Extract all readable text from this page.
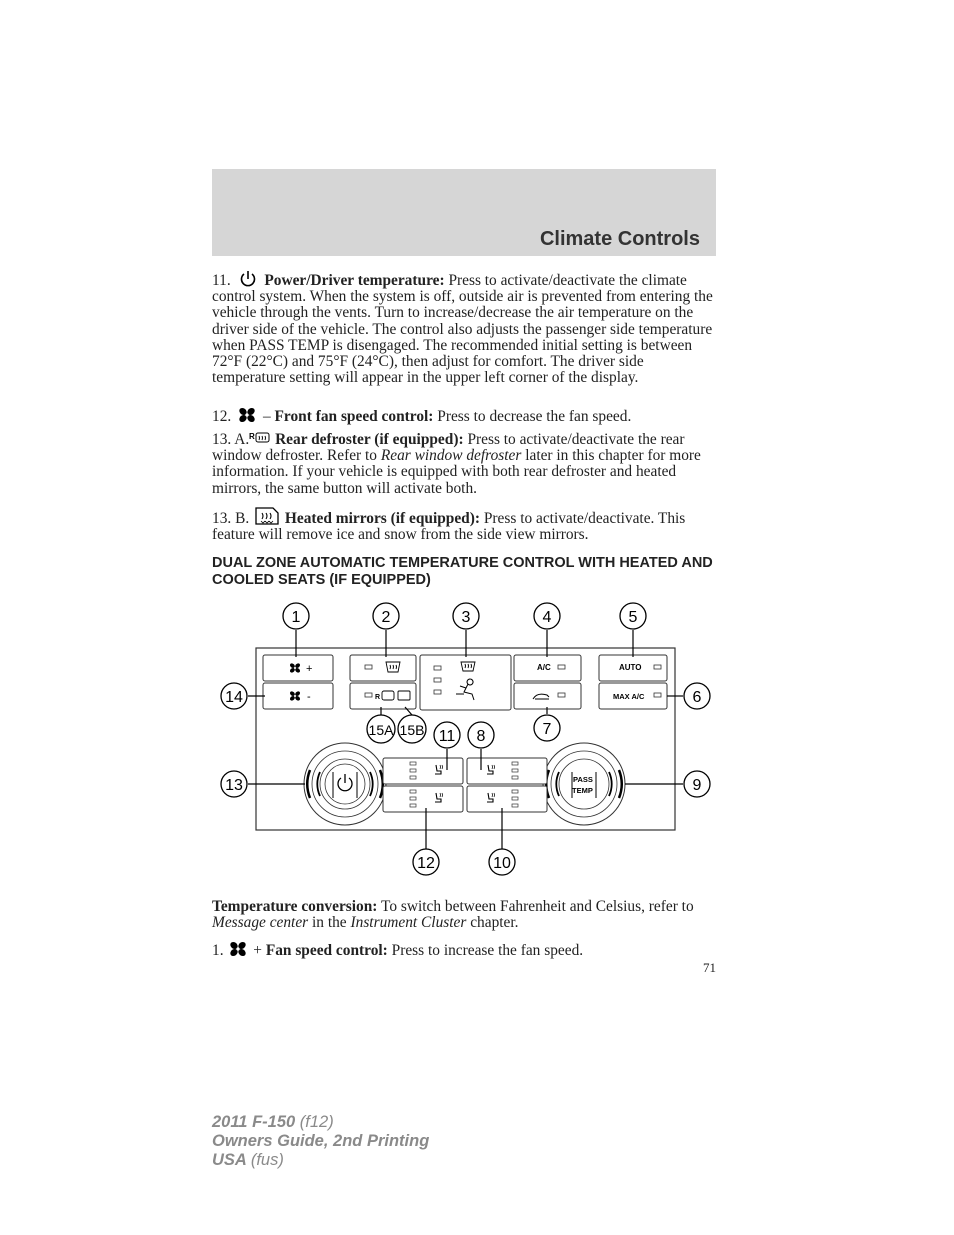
Climate Controls
11. Power/Driver temperature: Press to activate/deactivate the climate control system. When the system is off, outside air is prevented from entering the vehicle through the vents. Turn to increase/decrease the air temperature on the driver side of the vehicle. The control also adjusts the passenger side temperature when PASS TEMP is disengaged. The recommended initial setting is between 72°F (22°C) and 75°F (24°C), then adjust for comfort. The driver side temperature setting will appear in the upper left corner of the display.
12. – Front fan speed control: Press to decrease the fan speed.
13. A. R Rear defroster (if equipped): Press to activate/deactivate the rear window defroster. Refer to Rear window defroster later in this chapter for more information. If your vehicle is equipped with both rear defroster and heated mirrors, the same button will activate both.
13. B. Heated mirrors (if equipped): Press to activate/deactivate. This feature will remove ice and snow from the side view mirrors.
DUAL ZONE AUTOMATIC TEMPERATURE CONTROL WITH HEATED AND COOLED SEATS (IF EQUIPPED)
+
-	R
A/C	AUTO
MAX A/C
PASS
TEMP
1	2	3	4	5
6
7
8
9
10
11
12
13
14
15A 15B
Temperature conversion: To switch between Fahrenheit and Celsius, refer to Message center in the Instrument Cluster chapter.
1. + Fan speed control: Press to increase the fan speed.
71
2011 F-150 (f12)
Owners Guide, 2nd Printing
USA (fus)
